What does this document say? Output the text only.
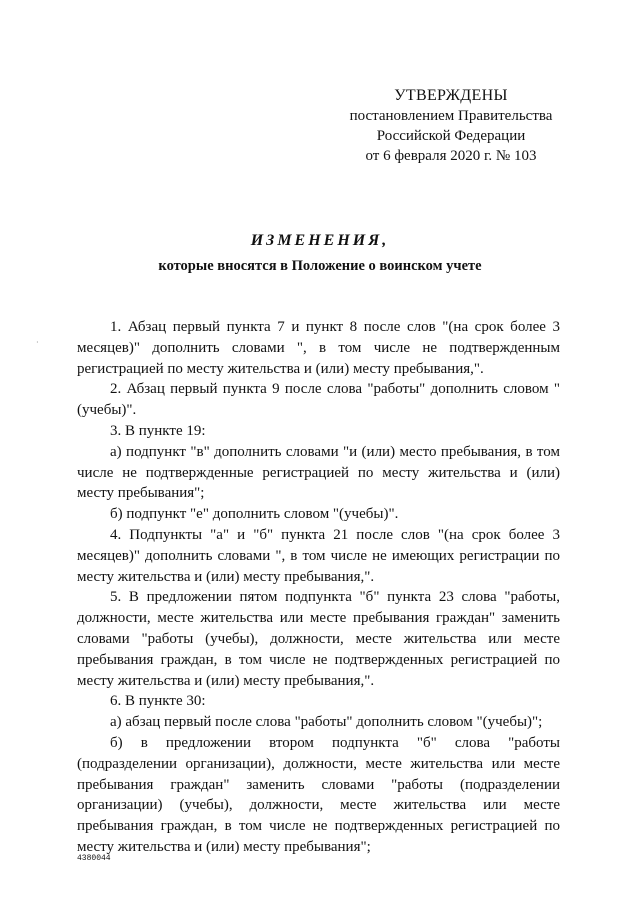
УТВЕРЖДЕНЫ
постановлением Правительства
Российской Федерации
от 6 февраля 2020 г. № 103
ИЗМЕНЕНИЯ,
которые вносятся в Положение о воинском учете
·

1. Абзац первый пункта 7 и пункт 8 после слов "(на срок более 3 месяцев)" дополнить словами ", в том числе не подтвержденным регистрацией по месту жительства и (или) месту пребывания,".

2. Абзац первый пункта 9 после слова "работы" дополнить словом "(учебы)".

3. В пункте 19:

а) подпункт "в" дополнить словами "и (или) место пребывания, в том числе не подтвержденные регистрацией по месту жительства и (или) месту пребывания";

б) подпункт "е" дополнить словом "(учебы)".

4. Подпункты "а" и "б" пункта 21 после слов "(на срок более 3 месяцев)" дополнить словами ", в том числе не имеющих регистрации по месту жительства и (или) месту пребывания,".

5. В предложении пятом подпункта "б" пункта 23 слова "работы, должности, месте жительства или месте пребывания граждан" заменить словами "работы (учебы), должности, месте жительства или месте пребывания граждан, в том числе не подтвержденных регистрацией по месту жительства и (или) месту пребывания,".

6. В пункте 30:

а) абзац первый после слова "работы" дополнить словом "(учебы)";

б) в предложении втором подпункта "б" слова "работы (подразделении организации), должности, месте жительства или месте пребывания граждан" заменить словами "работы (подразделении организации) (учебы), должности, месте жительства или месте пребывания граждан, в том числе не подтвержденных регистрацией по месту жительства и (или) месту пребывания";

4380044
